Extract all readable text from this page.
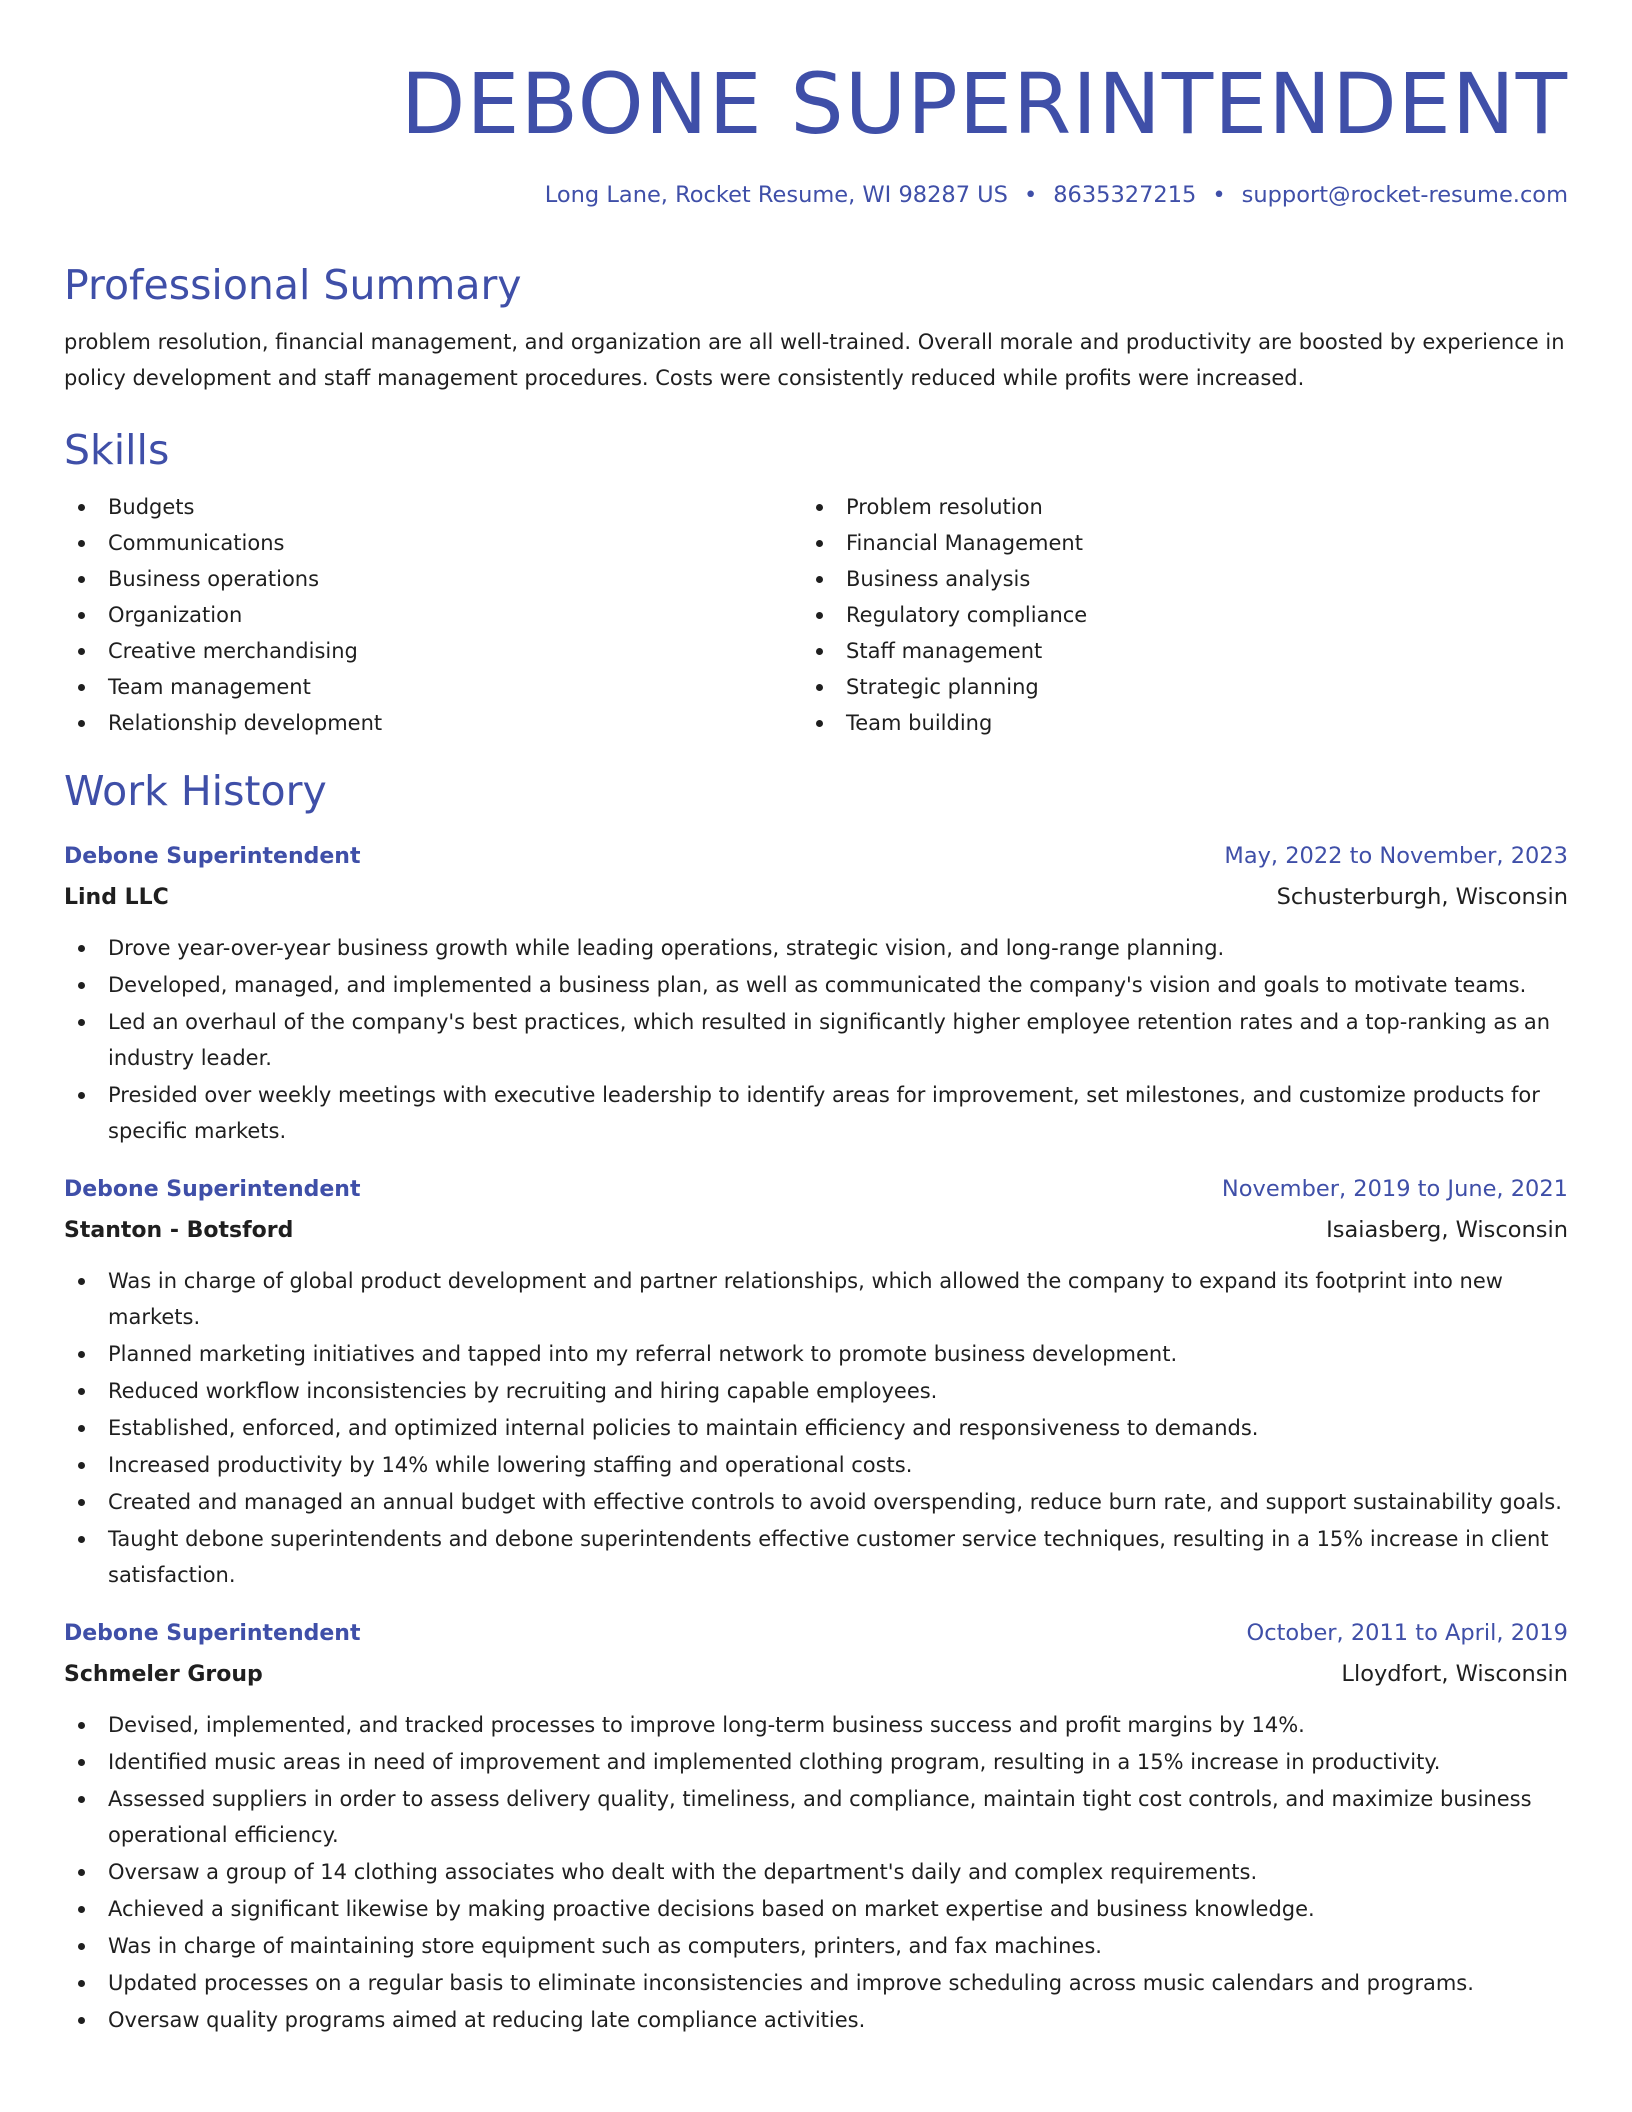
DEBONE SUPERINTENDENT
Long Lane, Rocket Resume, WI 98287 US • 8635327215 • support@rocket-resume.com
Professional Summary

problem resolution, financial management, and organization are all well-trained. Overall morale and productivity are boosted by experience in policy development and staff management procedures. Costs were consistently reduced while profits were increased.

Skills
Budgets
Communications
Business operations
Organization
Creative merchandising
Team management
Relationship development
Problem resolution
Financial Management
Business analysis
Regulatory compliance
Staff management
Strategic planning
Team building
Work History
Debone Superintendent	May, 2022 to November, 2023
Lind LLC	Schusterburgh, Wisconsin
Drove year-over-year business growth while leading operations, strategic vision, and long-range planning.
Developed, managed, and implemented a business plan, as well as communicated the company's vision and goals to motivate teams.
Led an overhaul of the company's best practices, which resulted in significantly higher employee retention rates and a top-ranking as an industry leader.
Presided over weekly meetings with executive leadership to identify areas for improvement, set milestones, and customize products for specific markets.
Debone Superintendent	November, 2019 to June, 2021
Stanton - Botsford	Isaiasberg, Wisconsin
Was in charge of global product development and partner relationships, which allowed the company to expand its footprint into new markets.
Planned marketing initiatives and tapped into my referral network to promote business development.
Reduced workflow inconsistencies by recruiting and hiring capable employees.
Established, enforced, and optimized internal policies to maintain efficiency and responsiveness to demands.
Increased productivity by 14% while lowering staffing and operational costs.
Created and managed an annual budget with effective controls to avoid overspending, reduce burn rate, and support sustainability goals.
Taught debone superintendents and debone superintendents effective customer service techniques, resulting in a 15% increase in client satisfaction.
Debone Superintendent	October, 2011 to April, 2019
Schmeler Group	Lloydfort, Wisconsin
Devised, implemented, and tracked processes to improve long-term business success and profit margins by 14%.
Identified music areas in need of improvement and implemented clothing program, resulting in a 15% increase in productivity.
Assessed suppliers in order to assess delivery quality, timeliness, and compliance, maintain tight cost controls, and maximize business operational efficiency.
Oversaw a group of 14 clothing associates who dealt with the department's daily and complex requirements.
Achieved a significant likewise by making proactive decisions based on market expertise and business knowledge.
Was in charge of maintaining store equipment such as computers, printers, and fax machines.
Updated processes on a regular basis to eliminate inconsistencies and improve scheduling across music calendars and programs.
Oversaw quality programs aimed at reducing late compliance activities.
